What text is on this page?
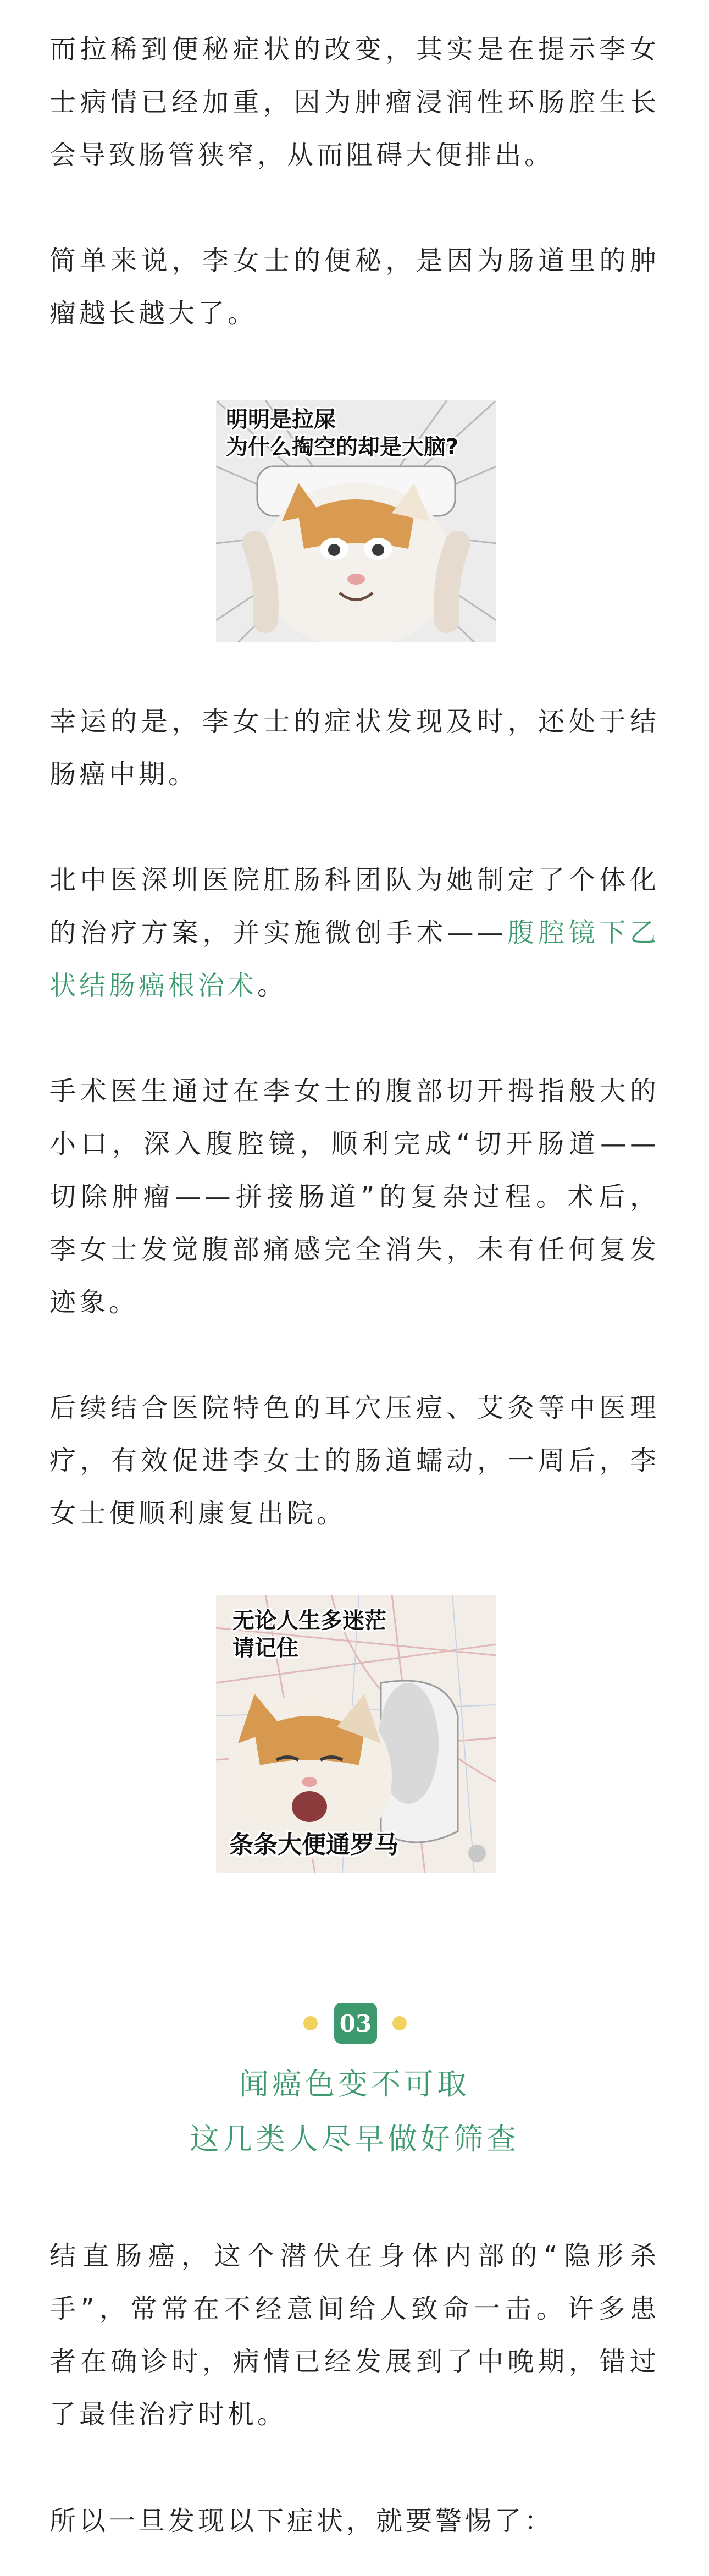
而拉稀到便秘症状的改变，其实是在提示李女士病情已经加重，因为肿瘤浸润性环肠腔生长会导致肠管狭窄，从而阻碍大便排出。

简单来说，李女士的便秘，是因为肠道里的肿瘤越长越大了。

明明是拉屎
为什么掏空的却是大脑?

幸运的是，李女士的症状发现及时，还处于结肠癌中期。

北中医深圳医院肛肠科团队为她制定了个体化的治疗方案，并实施微创手术——腹腔镜下乙状结肠癌根治术。

手术医生通过在李女士的腹部切开拇指般大的小口，深入腹腔镜，顺利完成“切开肠道——切除肿瘤——拼接肠道”的复杂过程。术后，李女士发觉腹部痛感完全消失，未有任何复发迹象。

后续结合医院特色的耳穴压痘、艾灸等中医理疗，有效促进李女士的肠道蠕动，一周后，李女士便顺利康复出院。

无论人生多迷茫
请记住
条条大便通罗马
03

闻癌色变不可取

这几类人尽早做好筛查

结直肠癌，这个潜伏在身体内部的“隐形杀手”，常常在不经意间给人致命一击。许多患者在确诊时，病情已经发展到了中晚期，错过了最佳治疗时机。

所以一旦发现以下症状，就要警惕了：
